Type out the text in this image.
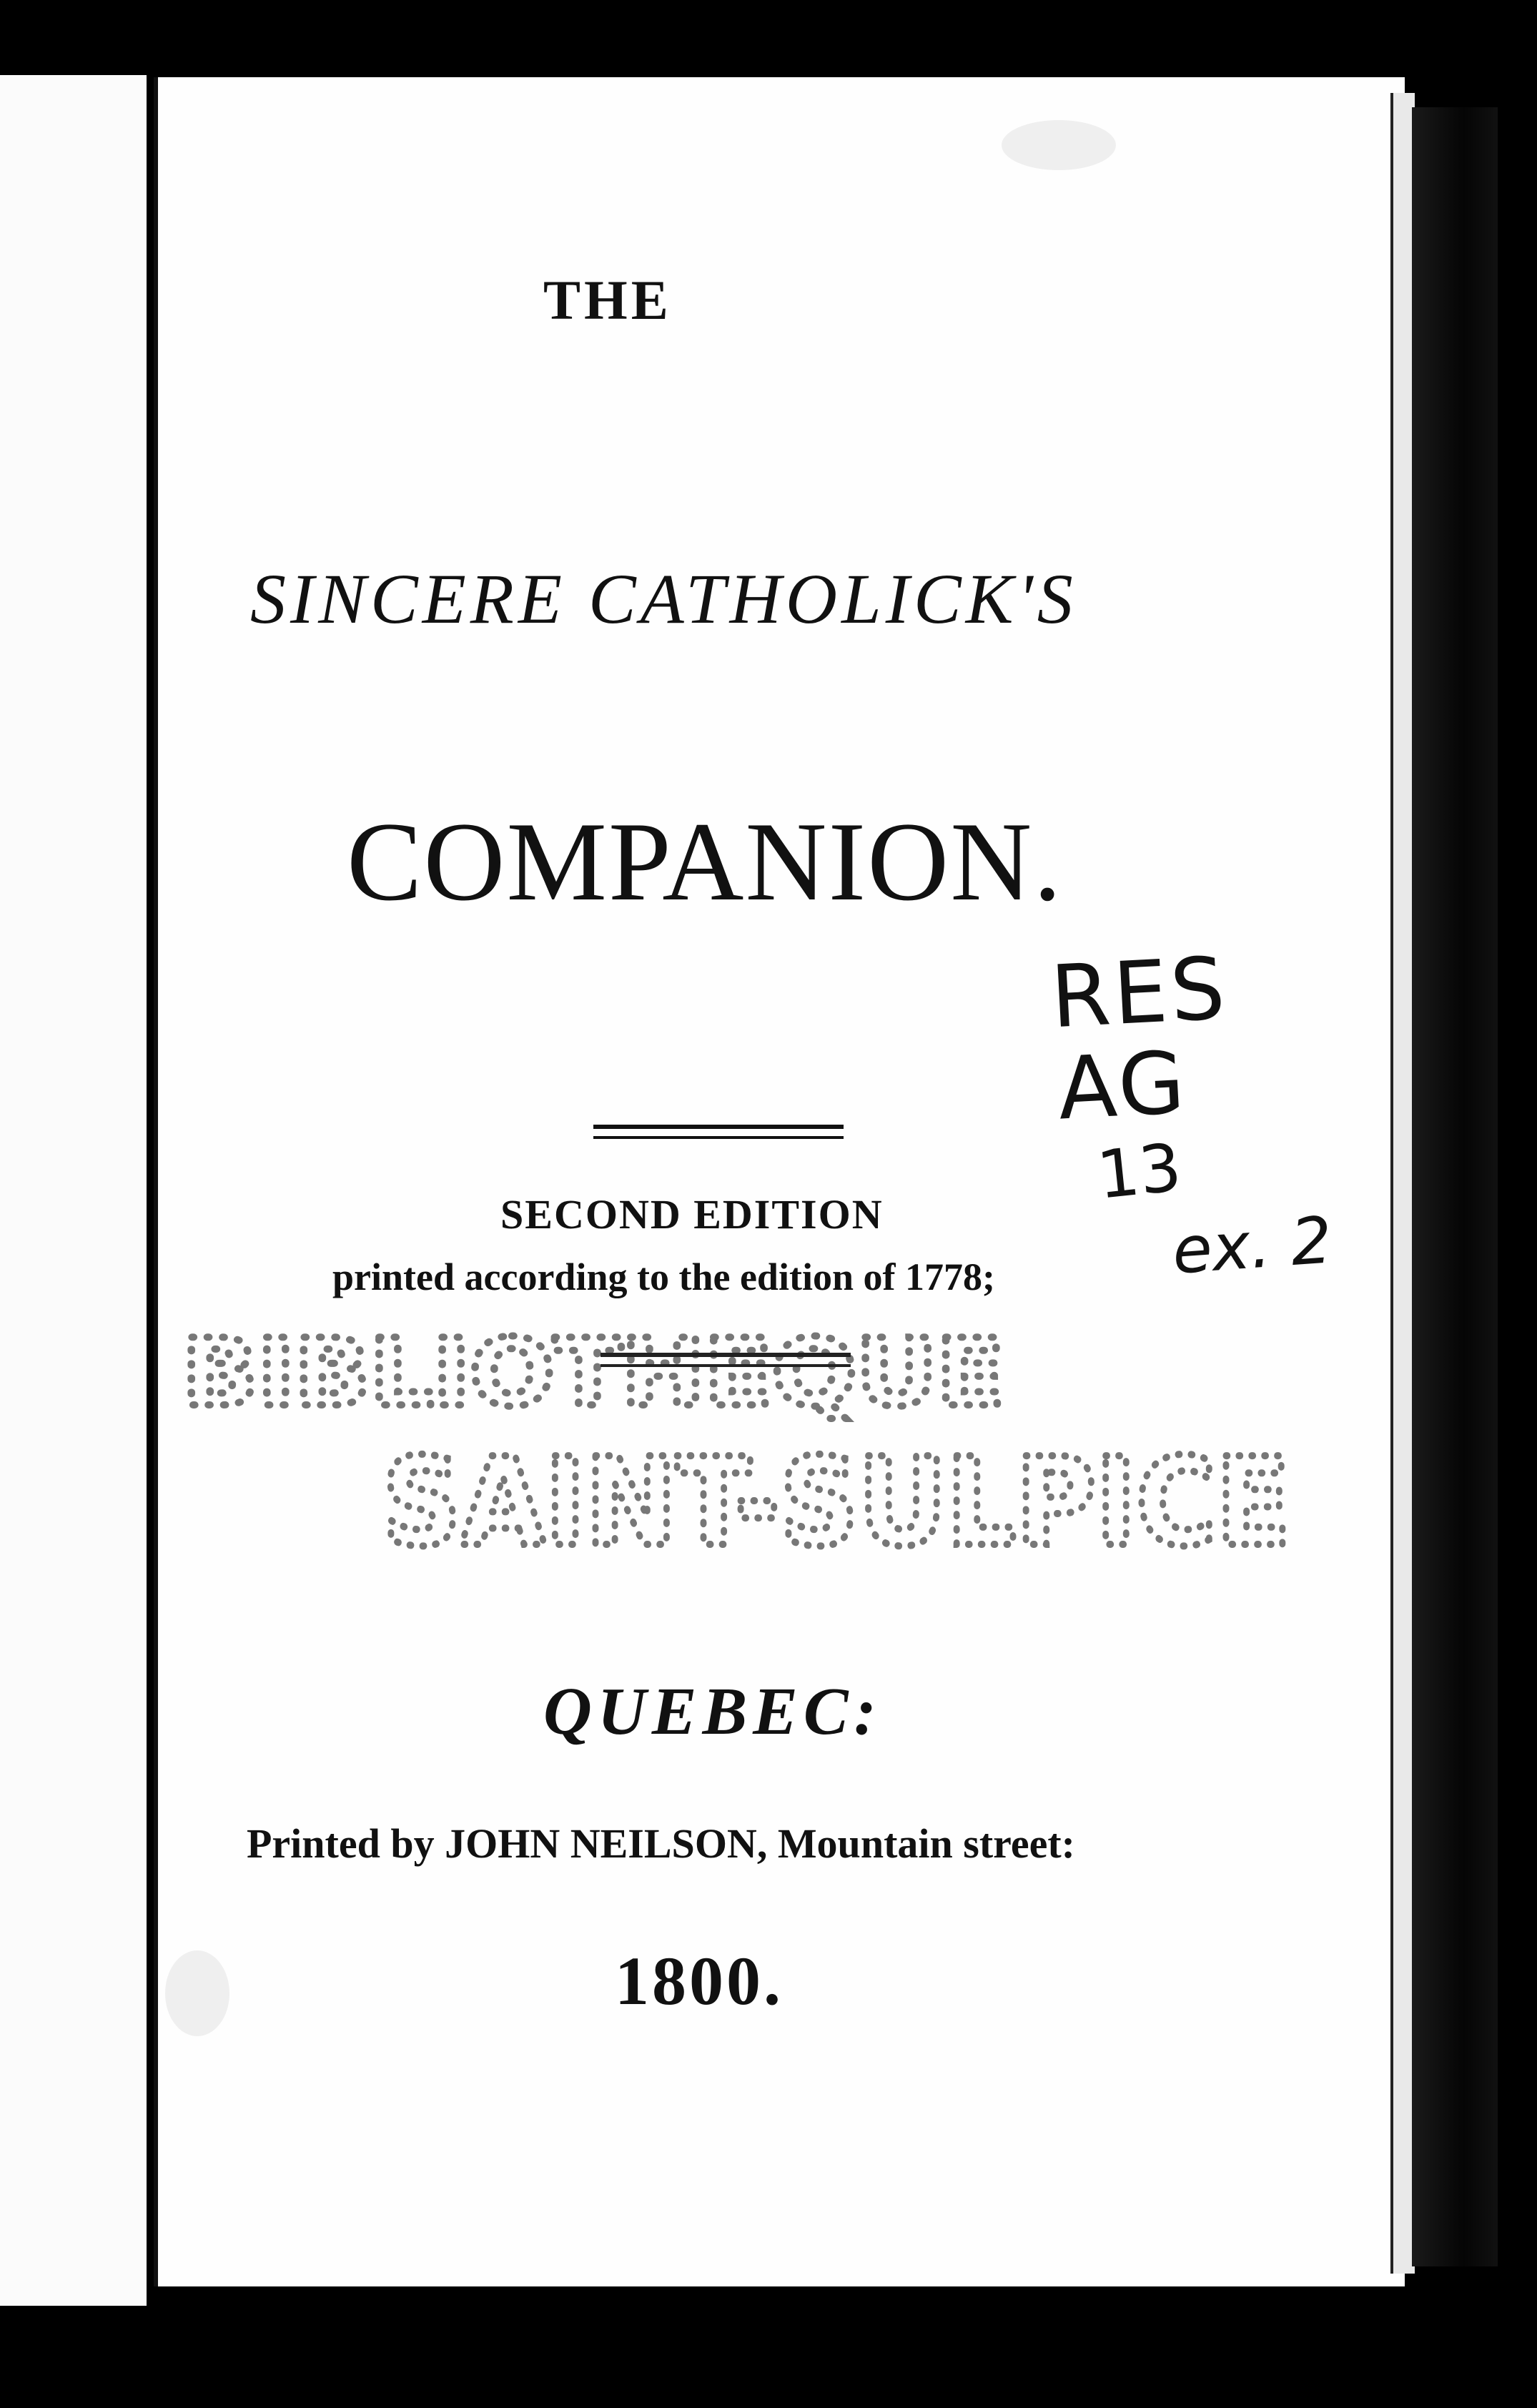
THE
SINCERE CATHOLICK'S
COMPANION.
SECOND EDITION
printed according to the edition of 1778;
BIBLIOTHEQUE
SAINT-SULPICE
QUEBEC:
Printed by JOHN NEILSON, Mountain street:
1800.
RES
AG
13
ex. 2
